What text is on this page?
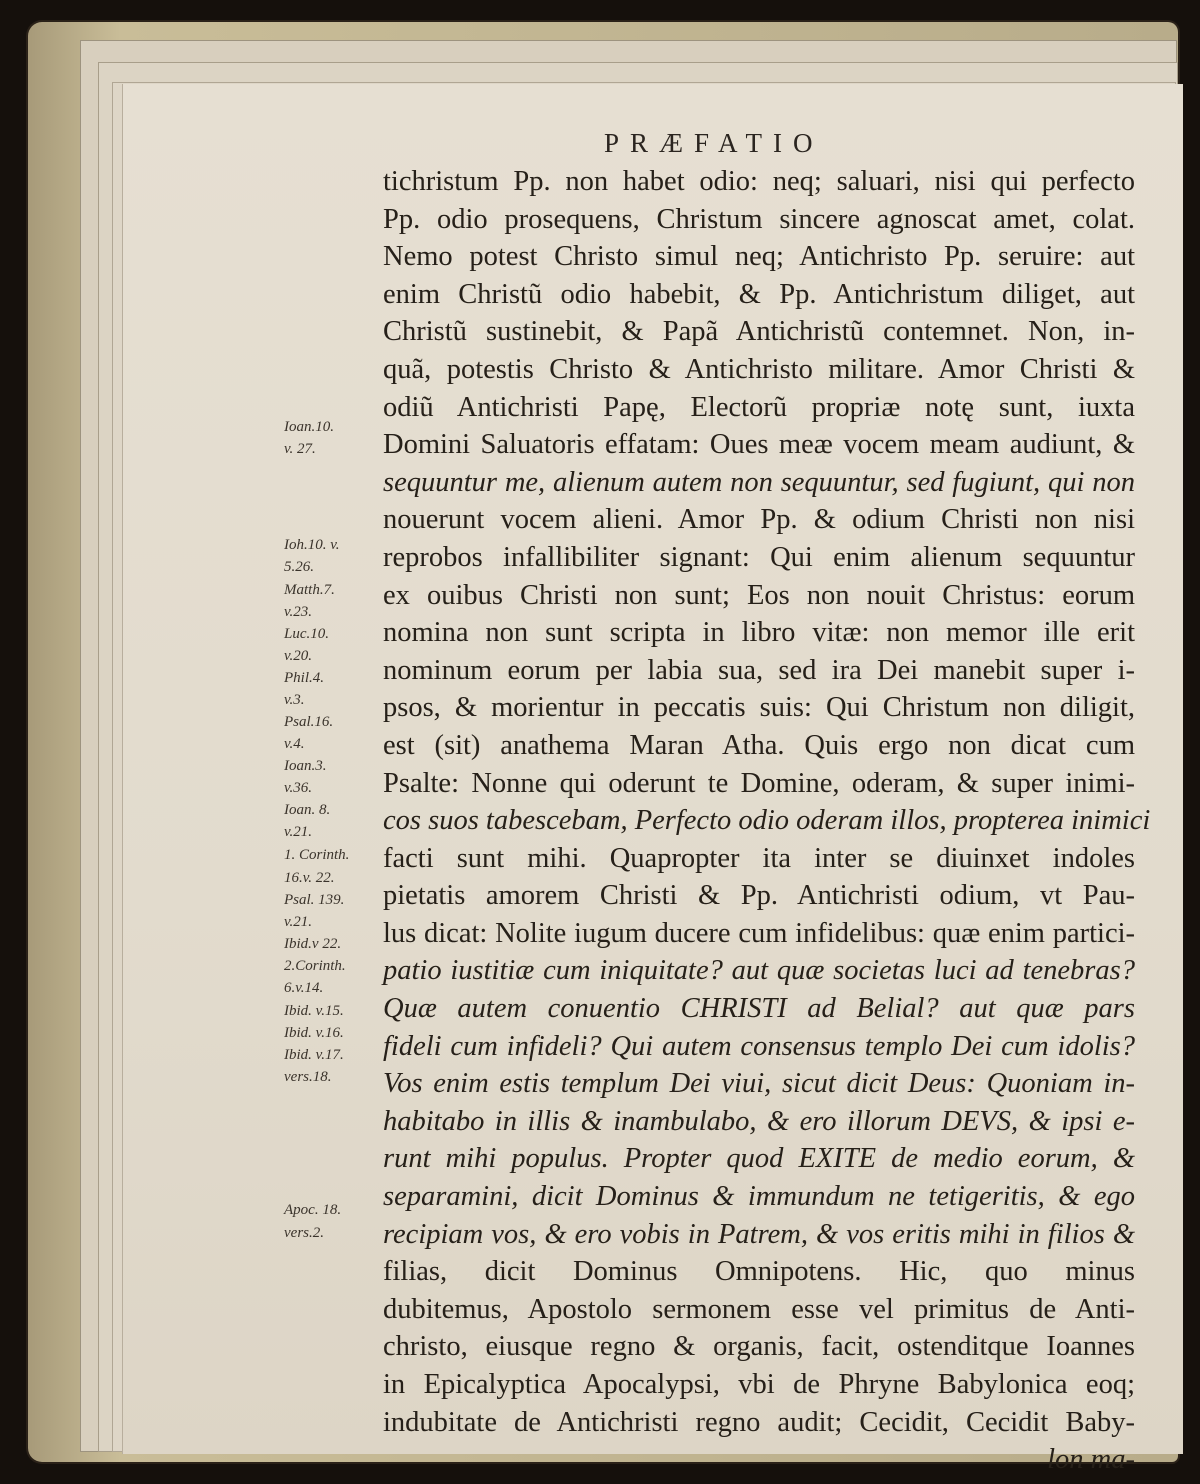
PRÆFATIO
tichristum Pp. non habet odio: neq; saluari, nisi qui perfecto
Pp. odio prosequens, Christum sincere agnoscat amet, colat.
Nemo potest Christo simul neq; Antichristo Pp. seruire: aut
enim Christũ odio habebit, & Pp. Antichristum diliget, aut
Christũ sustinebit, & Papã Antichristũ contemnet. Non, in-
quã, potestis Christo & Antichristo militare. Amor Christi &
odiũ Antichristi Papę, Electorũ propriæ notę sunt, iuxta
Domini Saluatoris effatam: Oues meæ vocem meam audiunt, &
sequuntur me, alienum autem non sequuntur, sed fugiunt, qui non
nouerunt vocem alieni. Amor Pp. & odium Christi non nisi
reprobos infallibiliter signant: Qui enim alienum sequuntur
ex ouibus Christi non sunt; Eos non nouit Christus: eorum
nomina non sunt scripta in libro vitæ: non memor ille erit
nominum eorum per labia sua, sed ira Dei manebit super i-
psos, & morientur in peccatis suis: Qui Christum non diligit,
est (sit) anathema Maran Atha. Quis ergo non dicat cum
Psalte: Nonne qui oderunt te Domine, oderam, & super inimi-
cos suos tabescebam, Perfecto odio oderam illos, propterea inimici
facti sunt mihi. Quapropter ita inter se diuinxet indoles
pietatis amorem Christi & Pp. Antichristi odium, vt Pau-
lus dicat: Nolite iugum ducere cum infidelibus: quæ enim partici-
patio iustitiæ cum iniquitate? aut quæ societas luci ad tenebras?
Quæ autem conuentio CHRISTI ad Belial? aut quæ pars
fideli cum infideli? Qui autem consensus templo Dei cum idolis?
Vos enim estis templum Dei viui, sicut dicit Deus: Quoniam in-
habitabo in illis & inambulabo, & ero illorum DEVS, & ipsi e-
runt mihi populus. Propter quod EXITE de medio eorum, &
separamini, dicit Dominus & immundum ne tetigeritis, & ego
recipiam vos, & ero vobis in Patrem, & vos eritis mihi in filios &
filias, dicit Dominus Omnipotens. Hic, quo minus
dubitemus, Apostolo sermonem esse vel primitus de Anti-
christo, eiusque regno & organis, facit, ostenditque Ioannes
in Epicalyptica Apocalypsi, vbi de Phryne Babylonica eoq;
indubitate de Antichristi regno audit; Cecidit, Cecidit Baby-
lon ma-
Ioan.10.
v. 27.
Ioh.10. v.
5.26.
Matth.7.
v.23.
Luc.10.
v.20.
Phil.4.
v.3.
Psal.16.
v.4.
Ioan.3.
v.36.
Ioan. 8.
v.21.
1. Corinth.
16.v. 22.
Psal. 139.
v.21.
Ibid.v 22.
2.Corinth.
6.v.14.
Ibid. v.15.
Ibid. v.16.
Ibid. v.17.
vers.18.
Apoc. 18.
vers.2.
